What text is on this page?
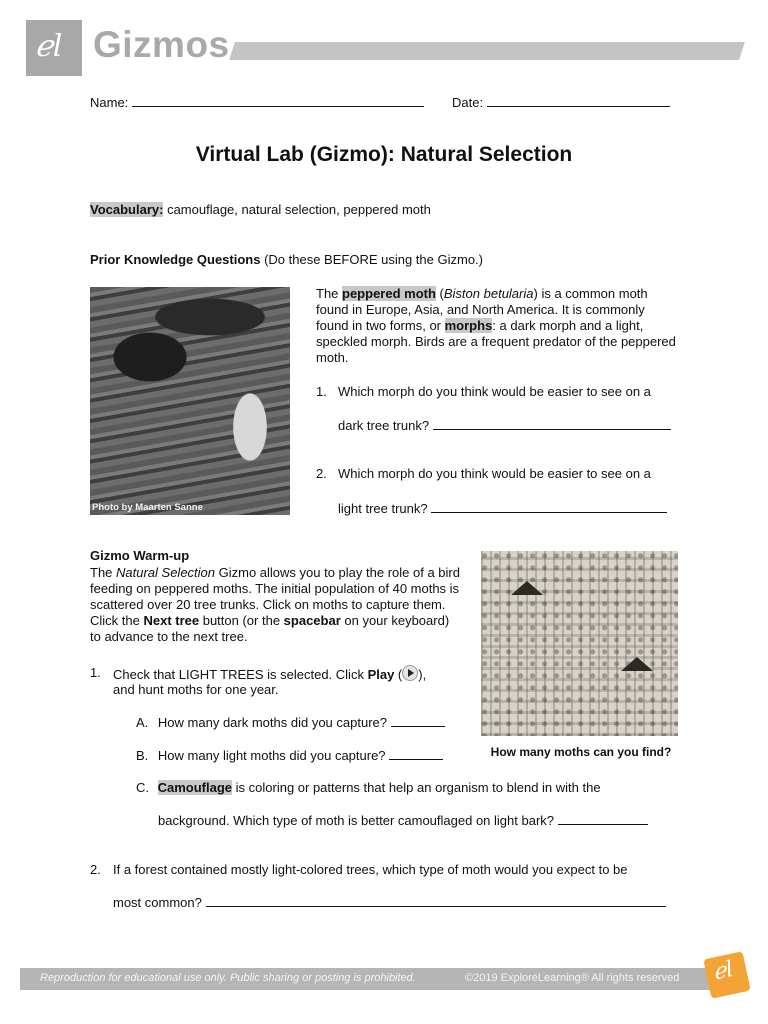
ℯl Gizmos
Name:	Date:
Virtual Lab (Gizmo): Natural Selection
Vocabulary: camouflage, natural selection, peppered moth
Prior Knowledge Questions (Do these BEFORE using the Gizmo.)
Photo by Maarten Sanne
The peppered moth (Biston betularia) is a common moth found in Europe, Asia, and North America. It is commonly found in two forms, or morphs: a dark morph and a light, speckled morph. Birds are a frequent predator of the peppered moth.
1. Which morph do you think would be easier to see on a
dark tree trunk?
2. Which morph do you think would be easier to see on a
light tree trunk?
Gizmo Warm-up
The Natural Selection Gizmo allows you to play the role of a bird feeding on peppered moths. The initial population of 40 moths is scattered over 20 tree trunks. Click on moths to capture them. Click the Next tree button (or the spacebar on your keyboard) to advance to the next tree.
How many moths can you find?
1. Check that LIGHT TREES is selected. Click Play ( ),
and hunt moths for one year.
A. How many dark moths did you capture?
B. How many light moths did you capture?
C. Camouflage is coloring or patterns that help an organism to blend in with the
background. Which type of moth is better camouflaged on light bark?
2. If a forest contained mostly light-colored trees, which type of moth would you expect to be
most common?
Reproduction for educational use only. Public sharing or posting is prohibited.	©2019 ExploreLearning® All rights reserved ℯl
